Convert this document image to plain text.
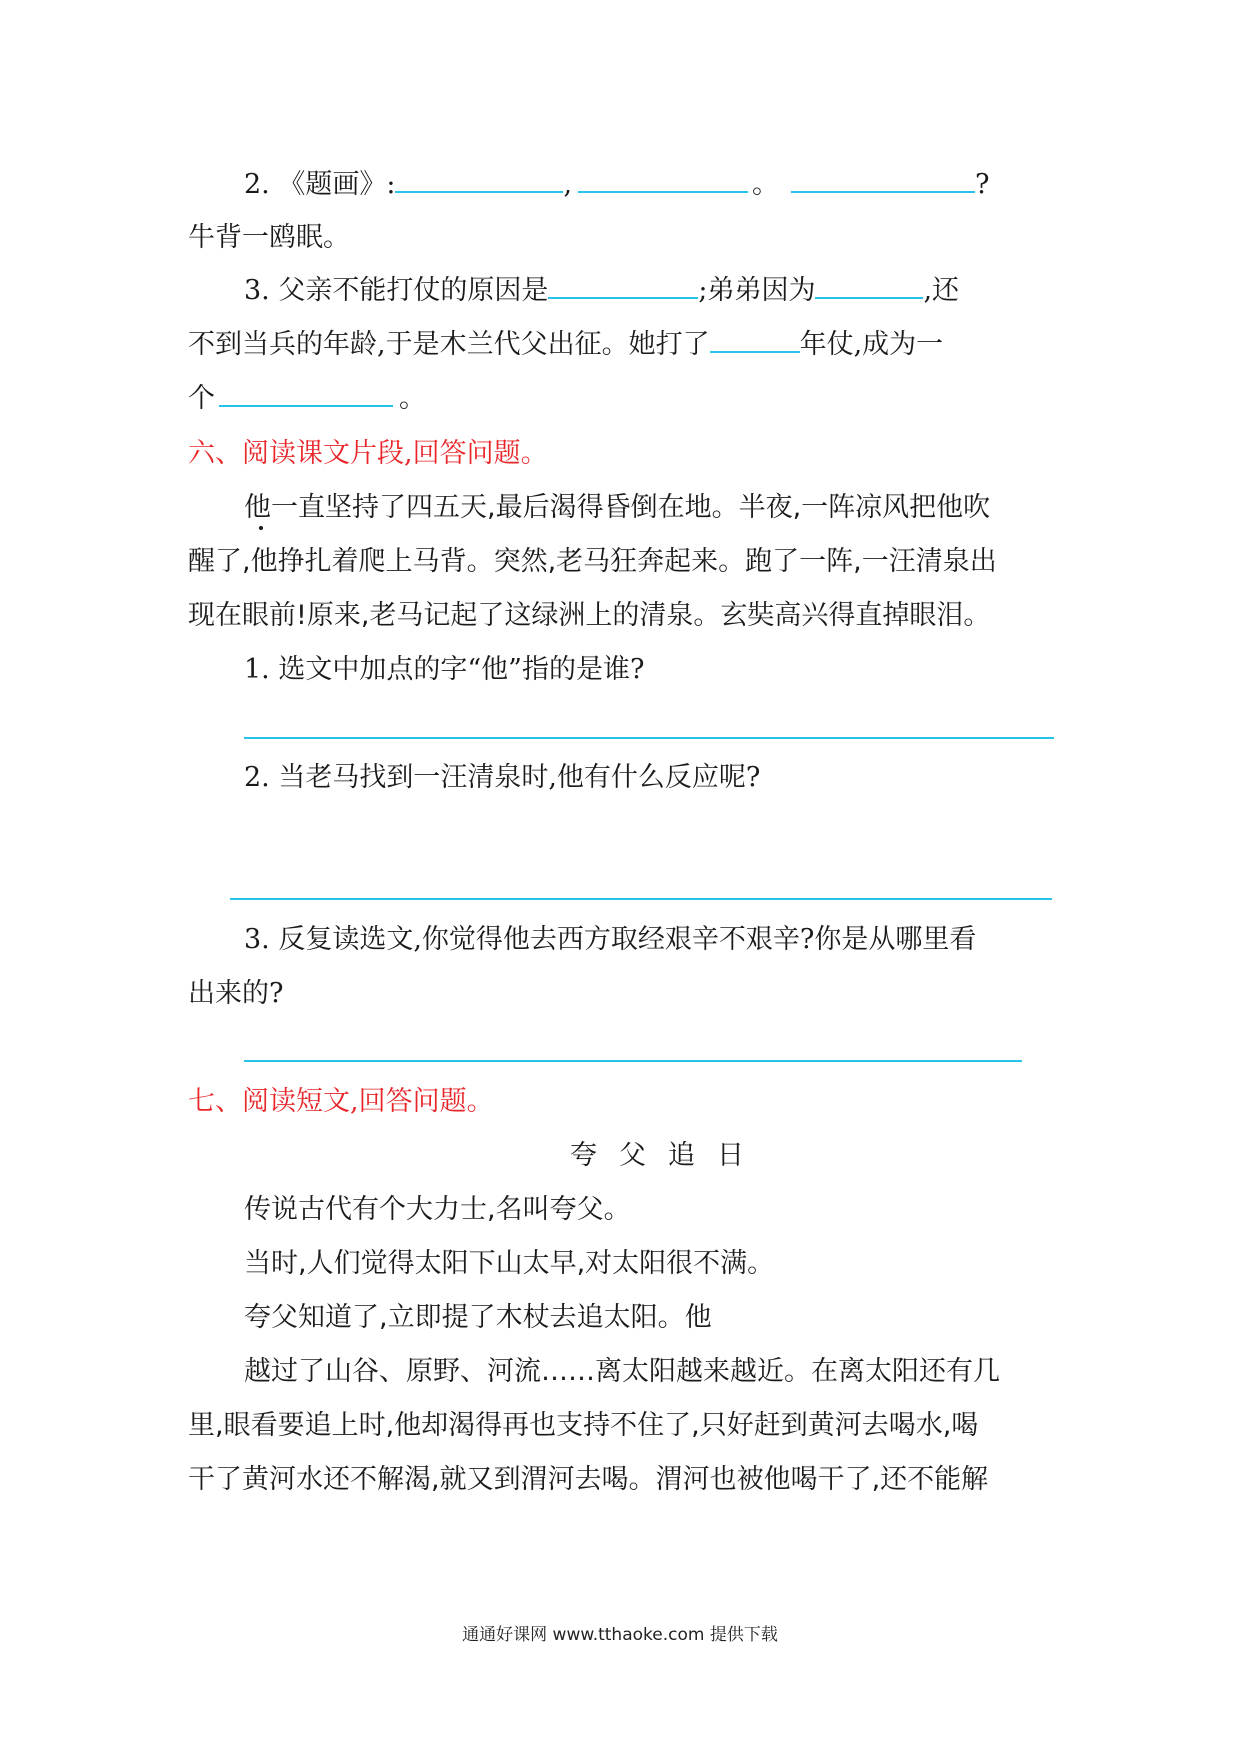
2. 《题画》:	,	。	?
牛背一鸥眠。
3. 父亲不能打仗的原因是	;弟弟因为	,还
不到当兵的年龄,于是木兰代父出征。她打了	年仗,成为一
个	。
六、阅读课文片段,回答问题。
他一直坚持了四五天,最后渴得昏倒在地。半夜,一阵凉风把他吹
醒了,他挣扎着爬上马背。突然,老马狂奔起来。跑了一阵,一汪清泉出
现在眼前!原来,老马记起了这绿洲上的清泉。玄奘高兴得直掉眼泪。
1. 选文中加点的字“他”指的是谁?
2. 当老马找到一汪清泉时,他有什么反应呢?
3. 反复读选文,你觉得他去西方取经艰辛不艰辛?你是从哪里看
出来的?
七、阅读短文,回答问题。
夸父追日
传说古代有个大力士,名叫夸父。
当时,人们觉得太阳下山太早,对太阳很不满。
夸父知道了,立即提了木杖去追太阳。他
越过了山谷、原野、河流……离太阳越来越近。在离太阳还有几
里,眼看要追上时,他却渴得再也支持不住了,只好赶到黄河去喝水,喝
干了黄河水还不解渴,就又到渭河去喝。渭河也被他喝干了,还不能解
通通好课网 www.tthaoke.com 提供下载
